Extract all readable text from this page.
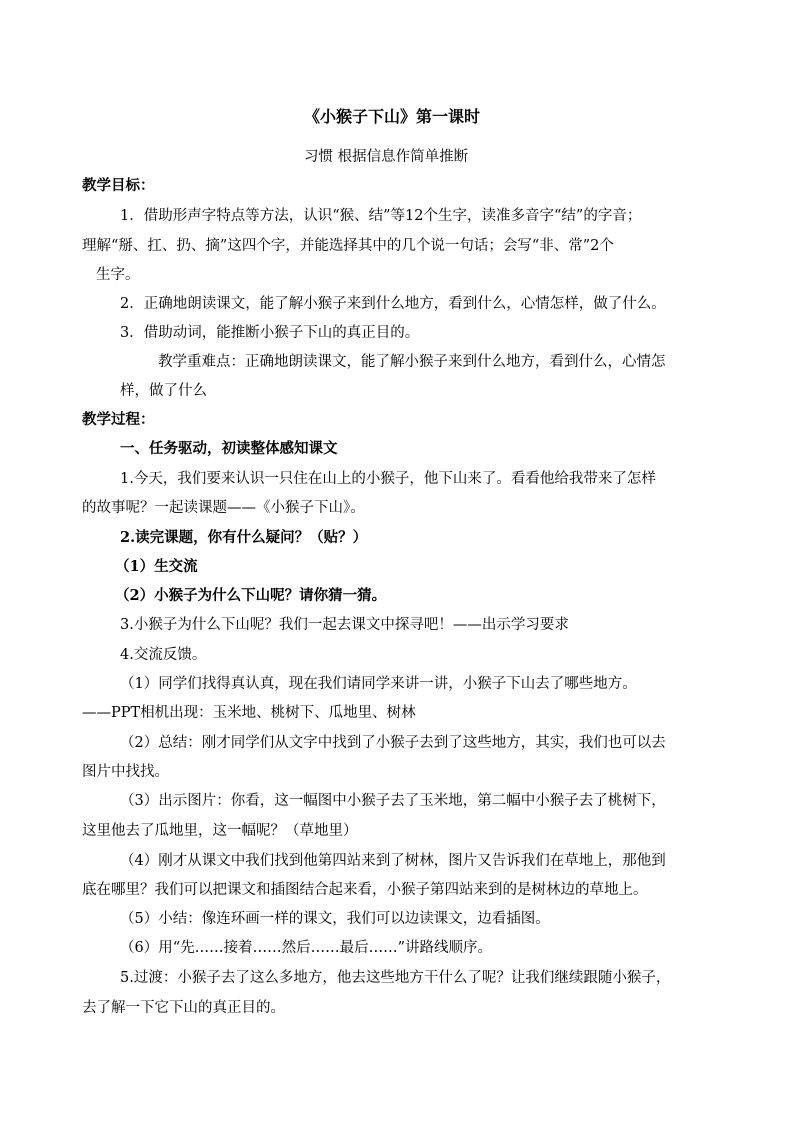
《小猴子下山》第一课时
习惯 根据信息作简单推断
教学目标：
1．借助形声字特点等方法，认识“猴、结”等12个生字，读准多音字“结”的字音；
理解“掰、扛、扔、摘”这四个字，并能选择其中的几个说一句话；会写“非、常”2个
生字。
2．正确地朗读课文，能了解小猴子来到什么地方，看到什么，心情怎样，做了什么。
3．借助动词，能推断小猴子下山的真正目的。
教学重难点：正确地朗读课文，能了解小猴子来到什么地方，看到什么，心情怎
样，做了什么
教学过程：
一、任务驱动，初读整体感知课文
1.今天，我们要来认识一只住在山上的小猴子，他下山来了。看看他给我带来了怎样
的故事呢？一起读课题——《小猴子下山》。
2.读完课题，你有什么疑问？（贴？）
（1）生交流
（2）小猴子为什么下山呢？请你猜一猜。
3.小猴子为什么下山呢？我们一起去课文中探寻吧！——出示学习要求
4.交流反馈。
（1）同学们找得真认真，现在我们请同学来讲一讲，小猴子下山去了哪些地方。
——PPT相机出现：玉米地、桃树下、瓜地里、树林
（2）总结：刚才同学们从文字中找到了小猴子去到了这些地方，其实，我们也可以去
图片中找找。
（3）出示图片：你看，这一幅图中小猴子去了玉米地，第二幅中小猴子去了桃树下，
这里他去了瓜地里，这一幅呢？（草地里）
（4）刚才从课文中我们找到他第四站来到了树林，图片又告诉我们在草地上，那他到
底在哪里？我们可以把课文和插图结合起来看，小猴子第四站来到的是树林边的草地上。
（5）小结：像连环画一样的课文，我们可以边读课文，边看插图。
（6）用“先……接着……然后……最后……”讲路线顺序。
5.过渡：小猴子去了这么多地方，他去这些地方干什么了呢？让我们继续跟随小猴子，
去了解一下它下山的真正目的。
